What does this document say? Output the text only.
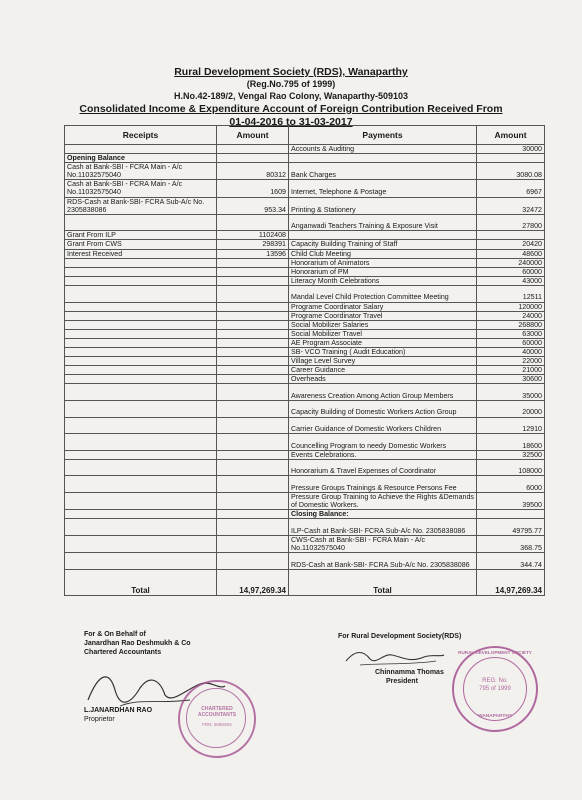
Rural Development Society (RDS), Wanaparthy
(Reg.No.795 of 1999)
H.No.42-189/2, Vengal Rao Colony, Wanaparthy-509103
Consolidated Income & Expenditure Account of Foreign Contribution Received From
01-04-2016 to 31-03-2017
Receipts	Amount	Payments	Amount
		Accounts & Auditing	30000
Opening Balance			
Cash at Bank-SBI - FCRA Main - A/c No.11032575040	80312	Bank Charges	3080.08
Cash at Bank-SBI - FCRA Main - A/c No.11032575040	1609	Internet, Telephone & Postage	6967
RDS-Cash at Bank-SBI- FCRA Sub-A/c No. 2305838086	953.34	Printing & Stationery	32472
		Anganwadi Teachers Training & Exposure Visit	27800
Grant From ILP	1102408		
Grant From CWS	298391	Capacity Building Training of Staff	20420
Interest Received	13596	Child Club Meeting	48600
		Honorarium of Animators	240000
		Honorarium of PM	60000
		Literacy Month Celebrations	43000
		Mandal Level Child Protection Committee Meeting	12511
		Programe Coordinator Salary	120000
		Programe Coordinator Travel	24000
		Social Mobilizer Salaries	268800
		Social Mobilizer Travel	63000
		AE Program Associate	60000
		SB- VCO Training ( Audit Education)	40000
		Village Level Survey	22000
		Career Guidance	21000
		Overheads	30600
		Awareness Creation Among Action Group Members	35000
		Capacity Building of Domestic Workers Action Group	20000
		Carrier Guidance of Domestic Workers Children	12910
		Councelling Program to needy Domestic Workers	18600
		Events Celebrations.	32500
		Honorarium & Travel Expenses of Coordinator	108000
		Pressure Groups Trainings & Resource Persons Fee	6000
		Pressure Group Training to Achieve the Rights &Demands of Domestic Workers.	39500
		Closing Balance:	
		ILP-Cash at Bank-SBI- FCRA Sub-A/c No. 2305838086	49795.77
		CWS-Cash at Bank-SBI - FCRA Main - A/c No.11032575040	368.75
		RDS-Cash at Bank-SBI- FCRA Sub-A/c No. 2305838086	344.74
Total	14,97,269.34	Total	14,97,269.34
For & On Behalf of
Janardhan Rao Deshmukh & Co
Chartered Accountants
L.JANARDHAN RAO
Proprietor
CHARTERED ACCOUNTANTS
FRN: 008839S
For Rural Development Society(RDS)
Chinnamma Thomas
President
RURAL DEVELOPMENT SOCIETY
REG. No.
795 of 1999
WANAPARTHY
